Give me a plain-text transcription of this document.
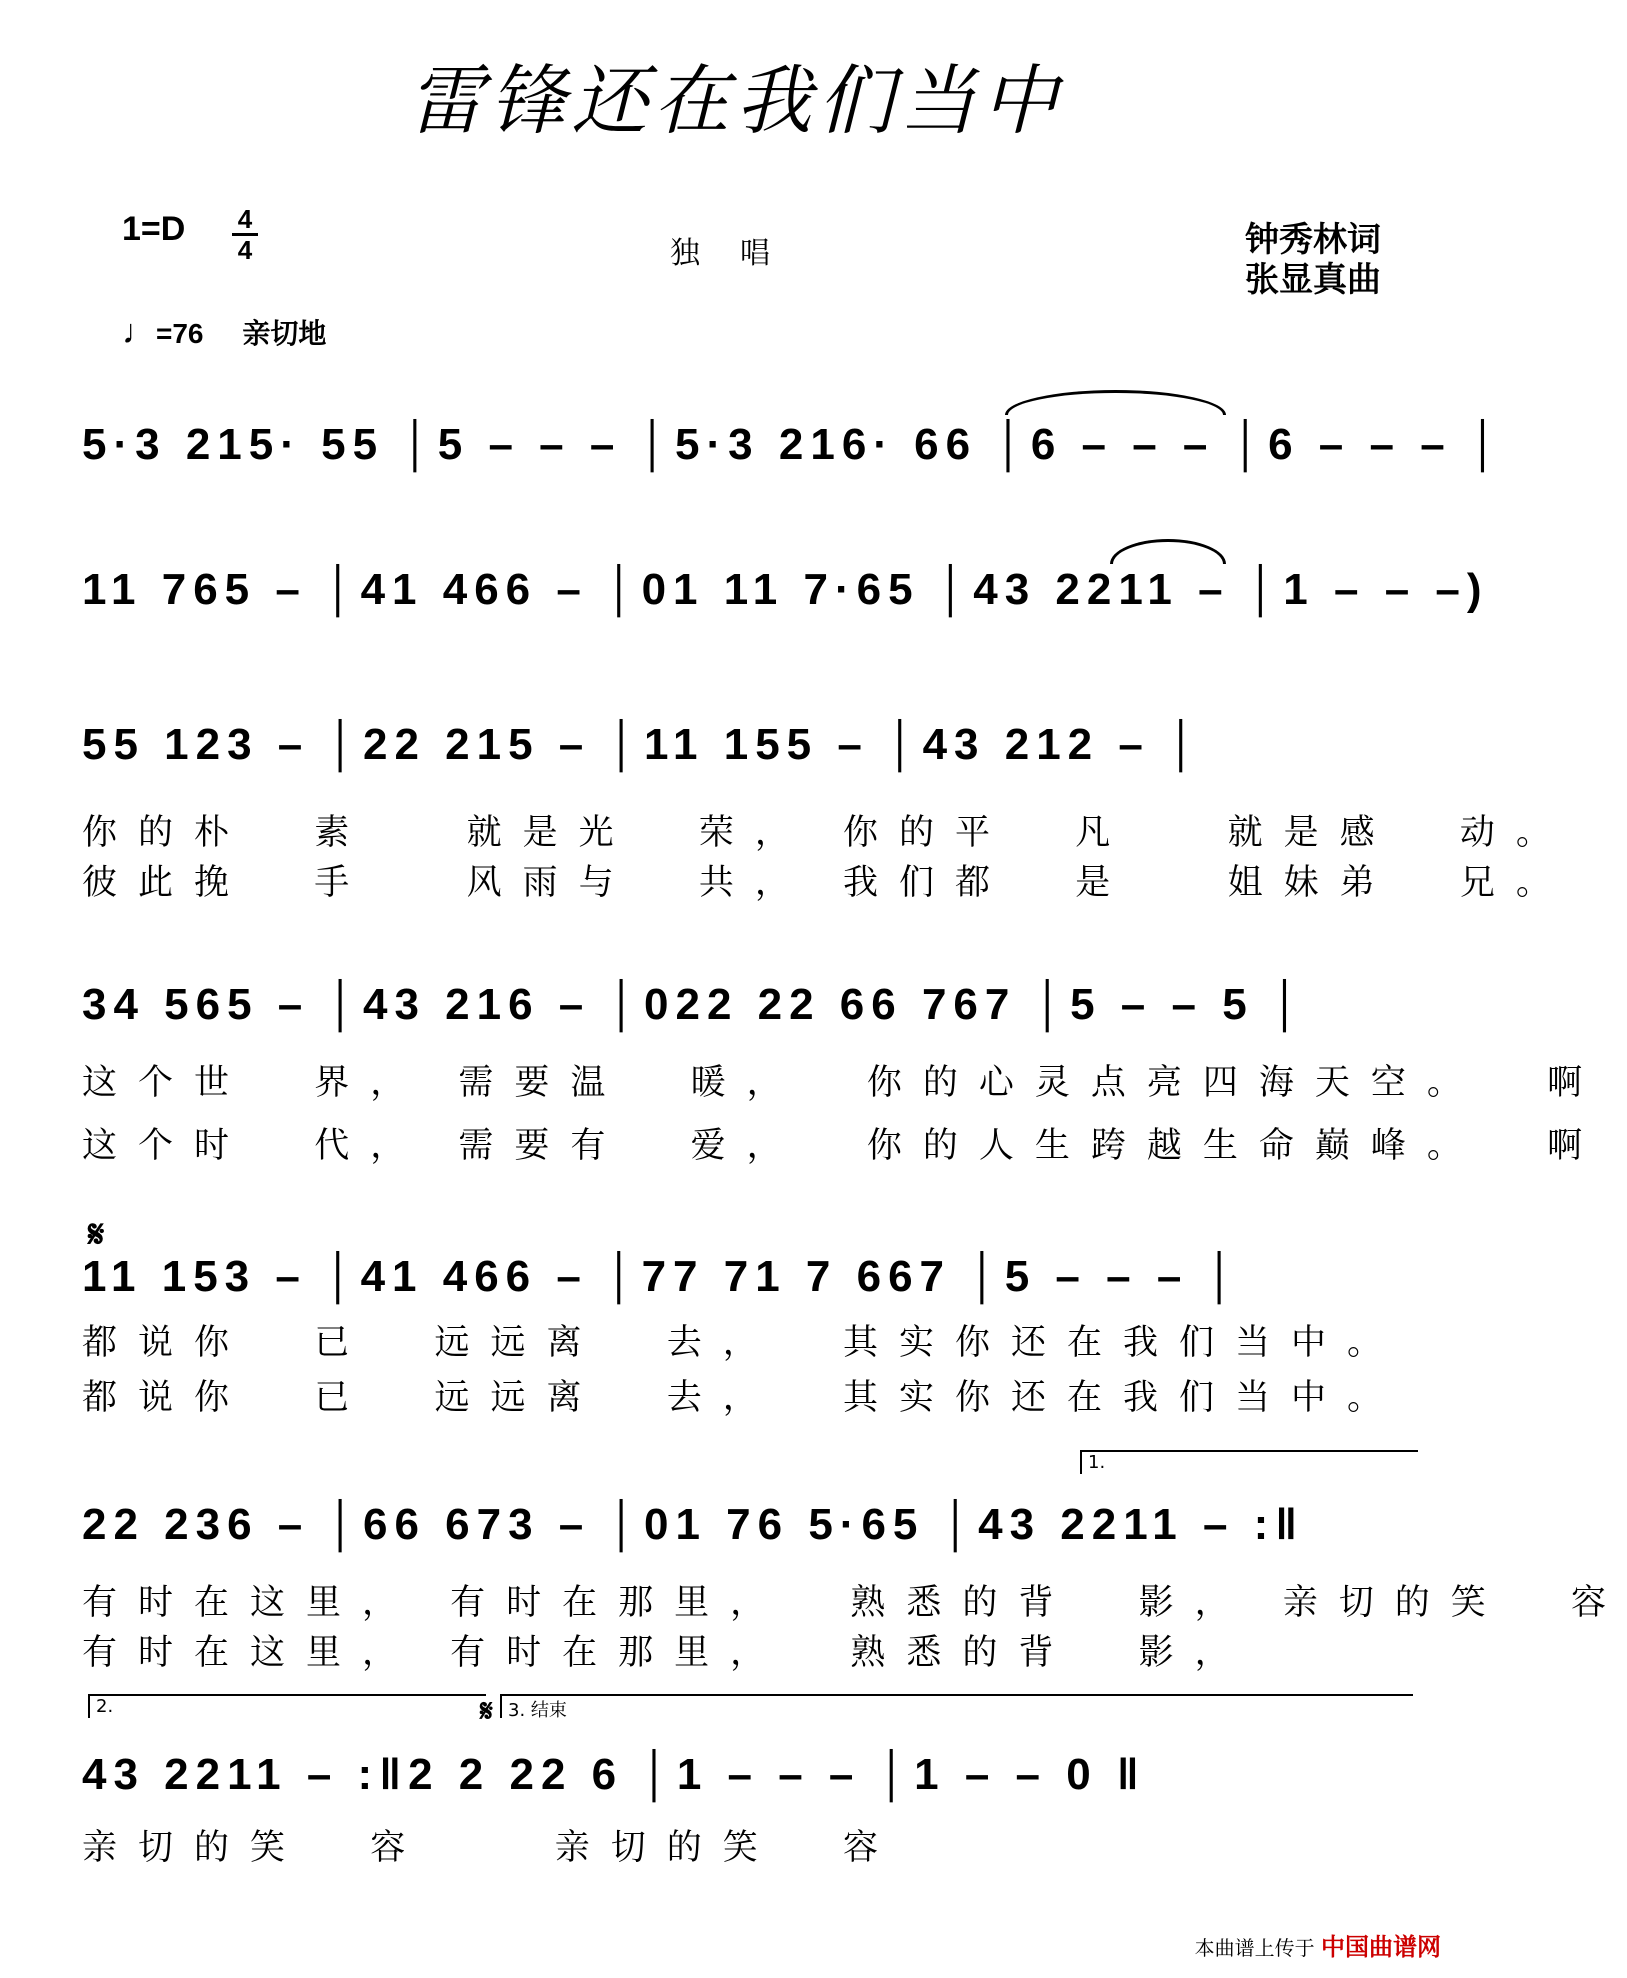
雷锋还在我们当中
1=D 4
4	独唱	钟秀林词
张显真曲
♩=76 亲切地
5·3 215· 55 │5 – – – │5·3 216· 66 │6 – – – │6 – – – │
11 765 – │41 466 – │01 11 7·65 │43 2211 – │1 – – –)
55 123 – │22 215 – │11 155 – │43 212 – │
你的朴  素   就是光  荣， 你的平  凡   就是感  动。
彼此挽  手   风雨与  共， 我们都  是   姐妹弟  兄。
34 565 – │43 216 – │022 22 66 767 │5 – – 5 │
这个世  界， 需要温  暖，  你的心灵点亮四海天空。  啊
这个时  代， 需要有  爱，  你的人生跨越生命巅峰。  啊
𝄋
11 153 – │41 466 – │77 71 7 667 │5 – – – │
都说你  已  远远离  去，  其实你还在我们当中。
都说你  已  远远离  去，  其实你还在我们当中。
1.
22 236 – │66 673 – │01 76 5·65 │43 2211 – :‖
有时在这里， 有时在那里，  熟悉的背  影， 亲切的笑  容
有时在这里， 有时在那里，  熟悉的背  影，
2.	3. 结束
𝄋
43 2211 – :‖2 2 22 6 │1 – – – │1 – – 0 ‖
亲切的笑  容    亲切的笑  容
本曲谱上传于 中国曲谱网
